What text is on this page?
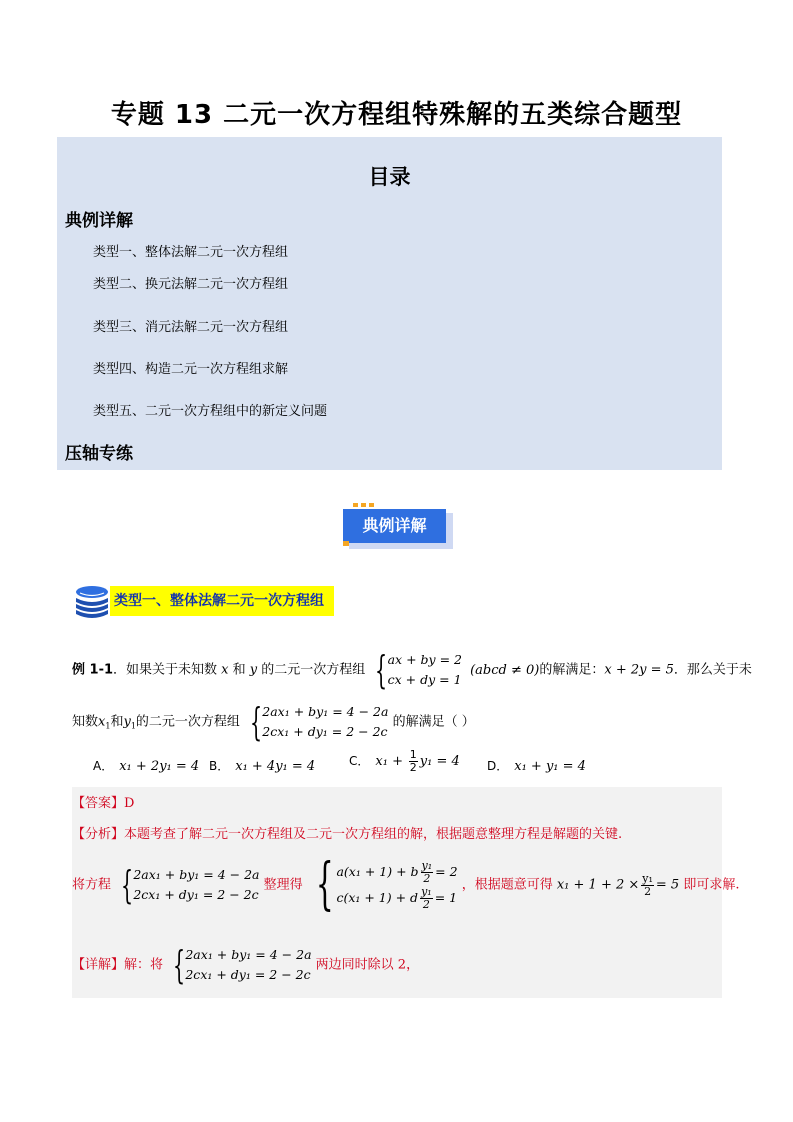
专题 13 二元一次方程组特殊解的五类综合题型
目录
典例详解
类型一、整体法解二元一次方程组
类型二、换元法解二元一次方程组
类型三、消元法解二元一次方程组
类型四、构造二元一次方程组求解
类型五、二元一次方程组中的新定义问题
压轴专练
典例详解
类型一、整体法解二元一次方程组
例 1-1．如果关于未知数 x 和 y 的二元一次方程组 { ax + by = 2
cx + dy = 1
(abcd ≠ 0)的解满足：x + 2y = 5．那么关于未
知数$x_1$和$y_1$的二元一次方程组 { 2ax₁ + by₁ = 4 − 2a
2cx₁ + dy₁ = 2 − 2c
的解满足（ ）
A． x₁ + 2y₁ = 4 B． x₁ + 4y₁ = 4	C． $x_1 + \frac{1}{2} y_1 = 4$ D． x₁ + y₁ = 4
【答案】D
【分析】本题考查了解二元一次方程组及二元一次方程组的解，根据题意整理方程是解题的关键.
将方程 { 2ax₁ + by₁ = 4 − 2a
2cx₁ + dy₁ = 2 − 2c
整理得 { a(x₁ + 1) + b $\frac{\text{y₁}}{2} = 2$
c(x₁ + 1) + d $\frac{\text{y₁}}{2} = 1$
，根据题意可得 $x_1 + 1 + 2 \times \frac{\text{y₁}}{2} = 5$ 即可求解.
【详解】解：将 { 2ax₁ + by₁ = 4 − 2a
2cx₁ + dy₁ = 2 − 2c
两边同时除以 2，
